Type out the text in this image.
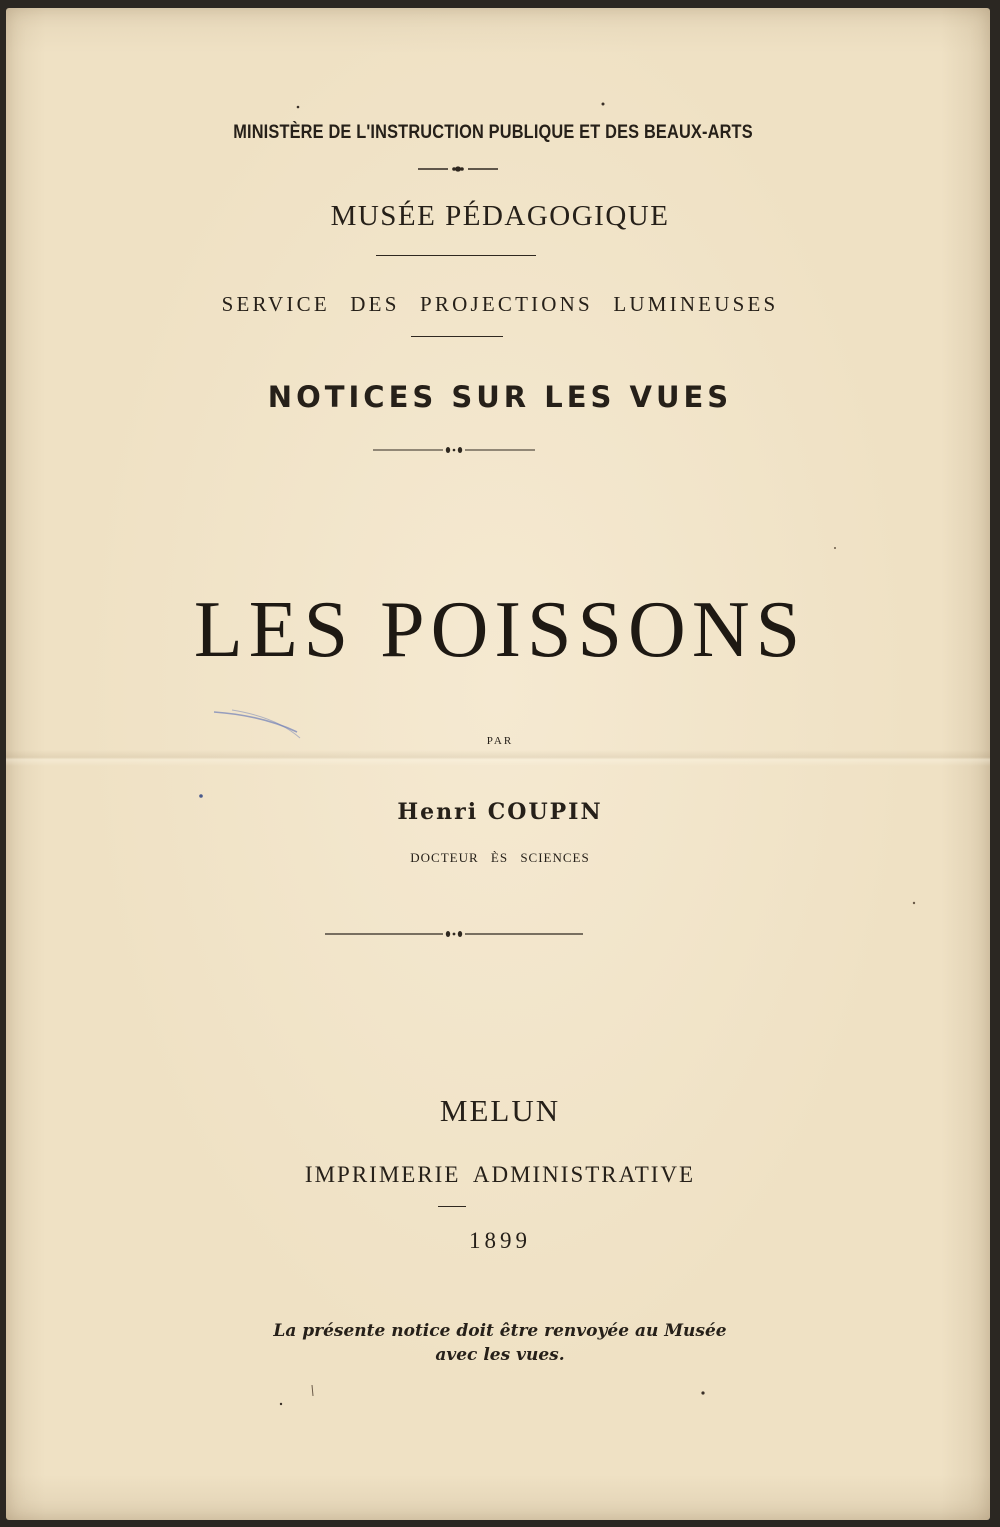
MINISTÈRE DE L'INSTRUCTION PUBLIQUE ET DES BEAUX-ARTS
MUSÉE PÉDAGOGIQUE
SERVICE DES PROJECTIONS LUMINEUSES
NOTICES SUR LES VUES
LES POISSONS
PAR
Henri COUPIN
DOCTEUR ÈS SCIENCES
MELUN
IMPRIMERIE ADMINISTRATIVE
1899
La présente notice doit être renvoyée au Musée
avec les vues.
